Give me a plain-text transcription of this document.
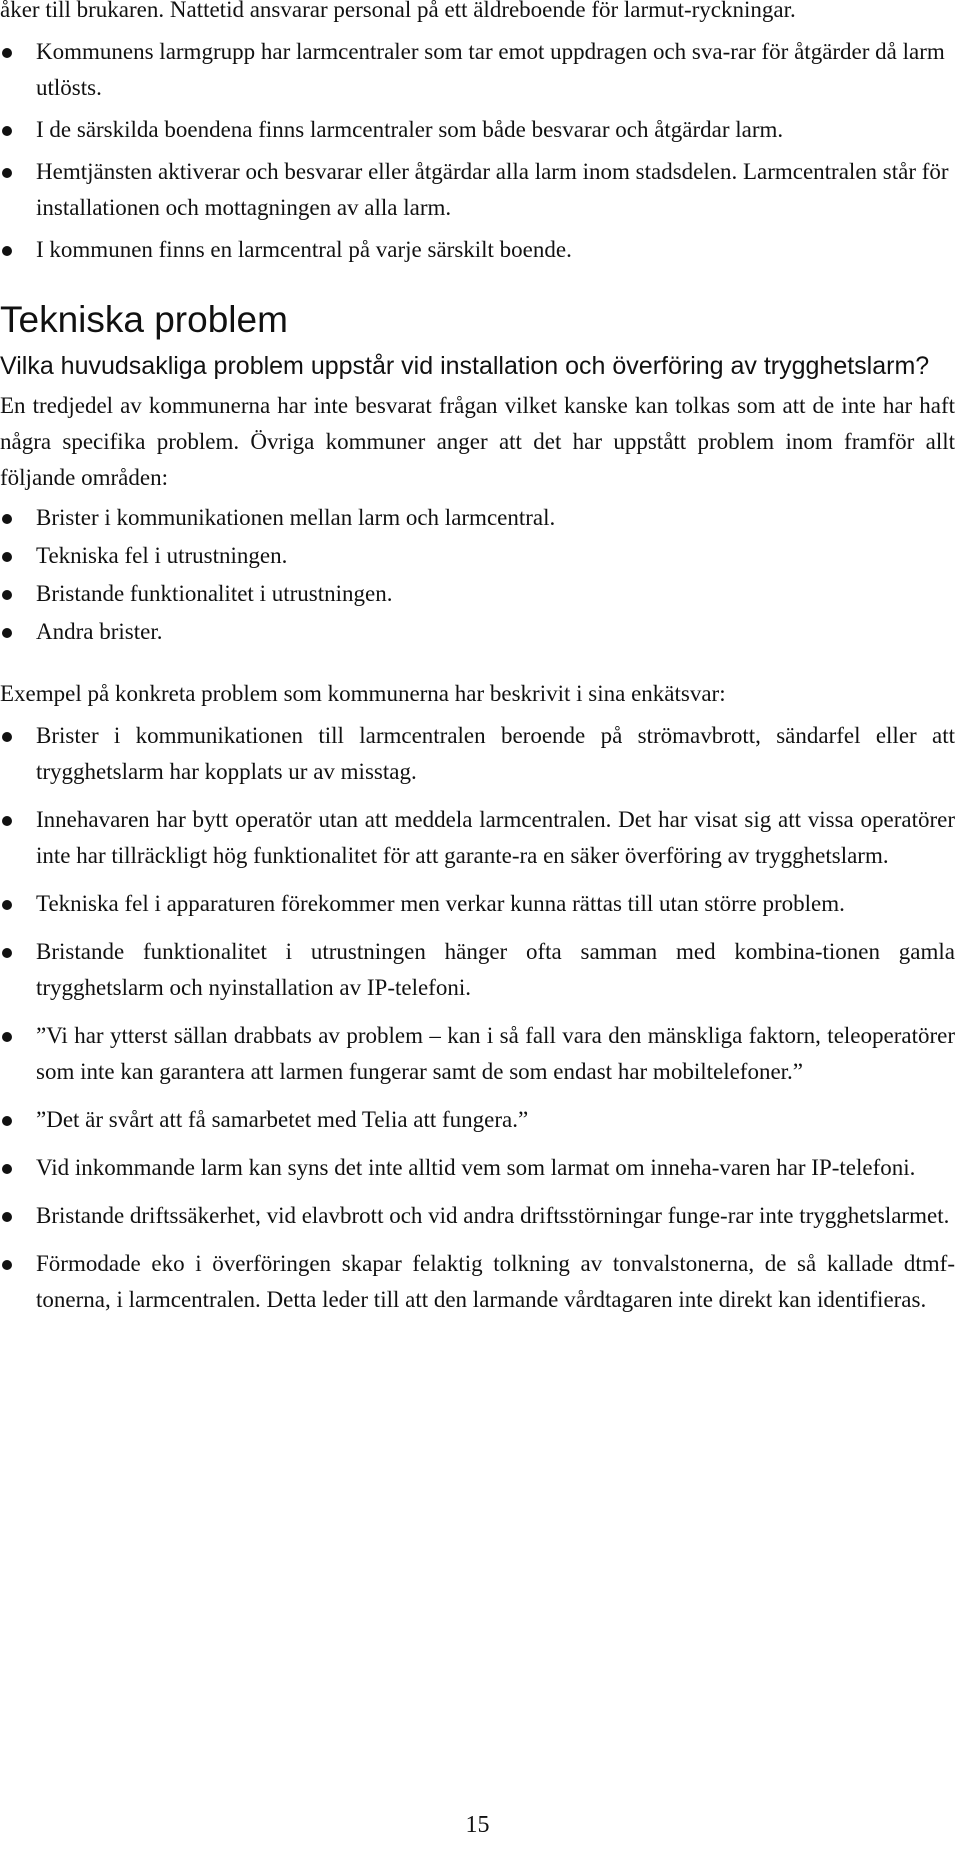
åker till brukaren. Nattetid ansvarar personal på ett äldreboende för larmut-ryckningar.

Kommunens larmgrupp har larmcentraler som tar emot uppdragen och sva-rar för åtgärder då larm utlösts.
I de särskilda boendena finns larmcentraler som både besvarar och åtgärdar larm.
Hemtjänsten aktiverar och besvarar eller åtgärdar alla larm inom stadsdelen. Larmcentralen står för installationen och mottagningen av alla larm.
I kommunen finns en larmcentral på varje särskilt boende.
Tekniska problem
Vilka huvudsakliga problem uppstår vid installation och överföring av trygghetslarm?

En tredjedel av kommunerna har inte besvarat frågan vilket kanske kan tolkas som att de inte har haft några specifika problem. Övriga kommuner anger att det har uppstått problem inom framför allt följande områden:

Brister i kommunikationen mellan larm och larmcentral.
Tekniska fel i utrustningen.
Bristande funktionalitet i utrustningen.
Andra brister.

Exempel på konkreta problem som kommunerna har beskrivit i sina enkätsvar:

Brister i kommunikationen till larmcentralen beroende på strömavbrott, sändarfel eller att trygghetslarm har kopplats ur av misstag.
Innehavaren har bytt operatör utan att meddela larmcentralen. Det har visat sig att vissa operatörer inte har tillräckligt hög funktionalitet för att garante-ra en säker överföring av trygghetslarm.
Tekniska fel i apparaturen förekommer men verkar kunna rättas till utan större problem.
Bristande funktionalitet i utrustningen hänger ofta samman med kombina-tionen gamla trygghetslarm och nyinstallation av IP-telefoni.
”Vi har ytterst sällan drabbats av problem – kan i så fall vara den mänskliga faktorn, teleoperatörer som inte kan garantera att larmen fungerar samt de som endast har mobiltelefoner.”
”Det är svårt att få samarbetet med Telia att fungera.”
Vid inkommande larm kan syns det inte alltid vem som larmat om inneha-varen har IP-telefoni.
Bristande driftssäkerhet, vid elavbrott och vid andra driftsstörningar funge-rar inte trygghetslarmet.
Förmodade eko i överföringen skapar felaktig tolkning av tonvalstonerna, de så kallade dtmf-tonerna, i larmcentralen. Detta leder till att den larmande vårdtagaren inte direkt kan identifieras.
15
